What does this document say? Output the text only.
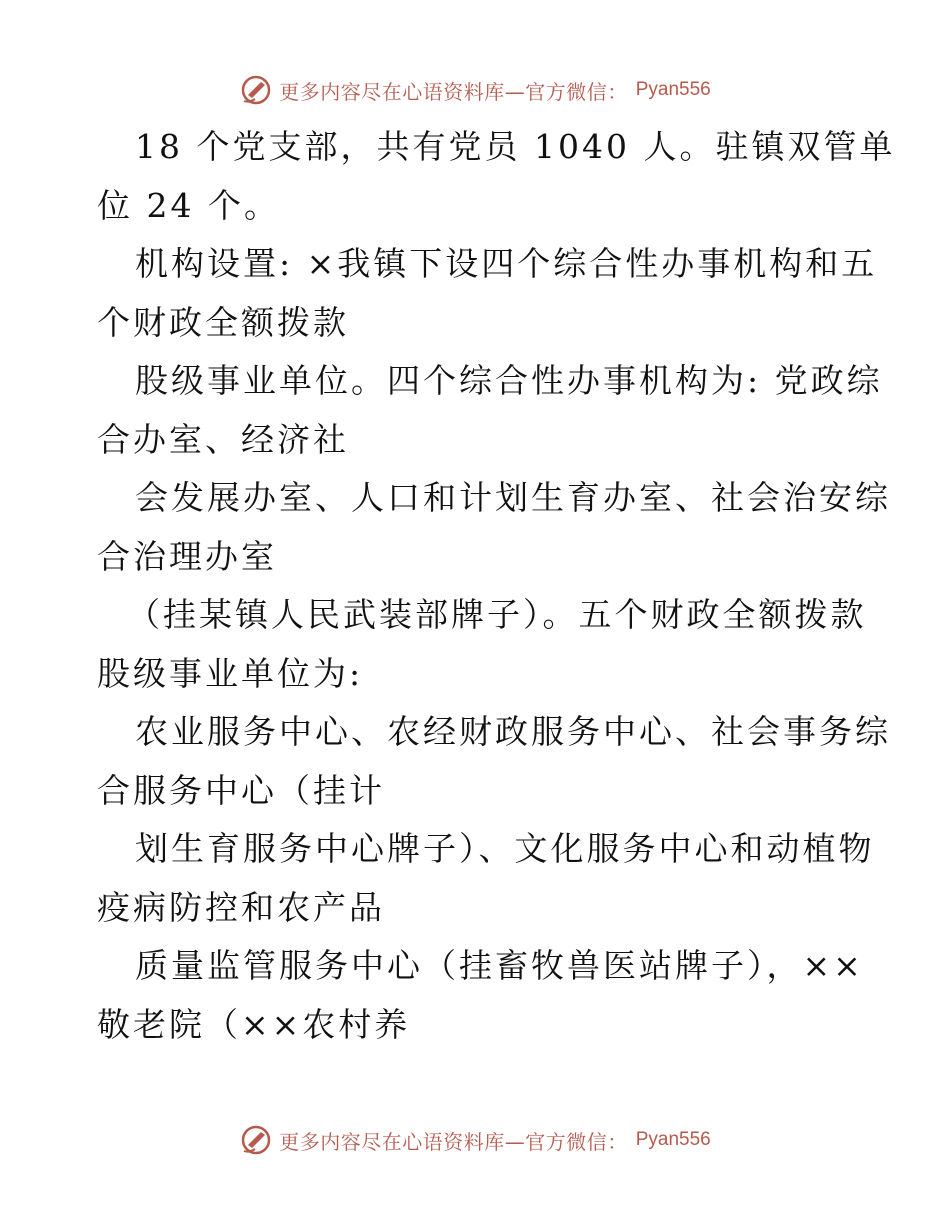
更多内容尽在心语资料库—官方微信： Pyan556
18 个党支部，共有党员 1040 人。驻镇双管单
位 24 个。
机构设置: ×我镇下设四个综合性办事机构和五
个财政全额拨款
股级事业单位。四个综合性办事机构为: 党政综
合办室、经济社
会发展办室、人口和计划生育办室、社会治安综
合治理办室
（挂某镇人民武装部牌子）。五个财政全额拨款
股级事业单位为:
农业服务中心、农经财政服务中心、社会事务综
合服务中心（挂计
划生育服务中心牌子）、文化服务中心和动植物
疫病防控和农产品
质量监管服务中心（挂畜牧兽医站牌子），××
敬老院（××农村养
更多内容尽在心语资料库—官方微信： Pyan556
